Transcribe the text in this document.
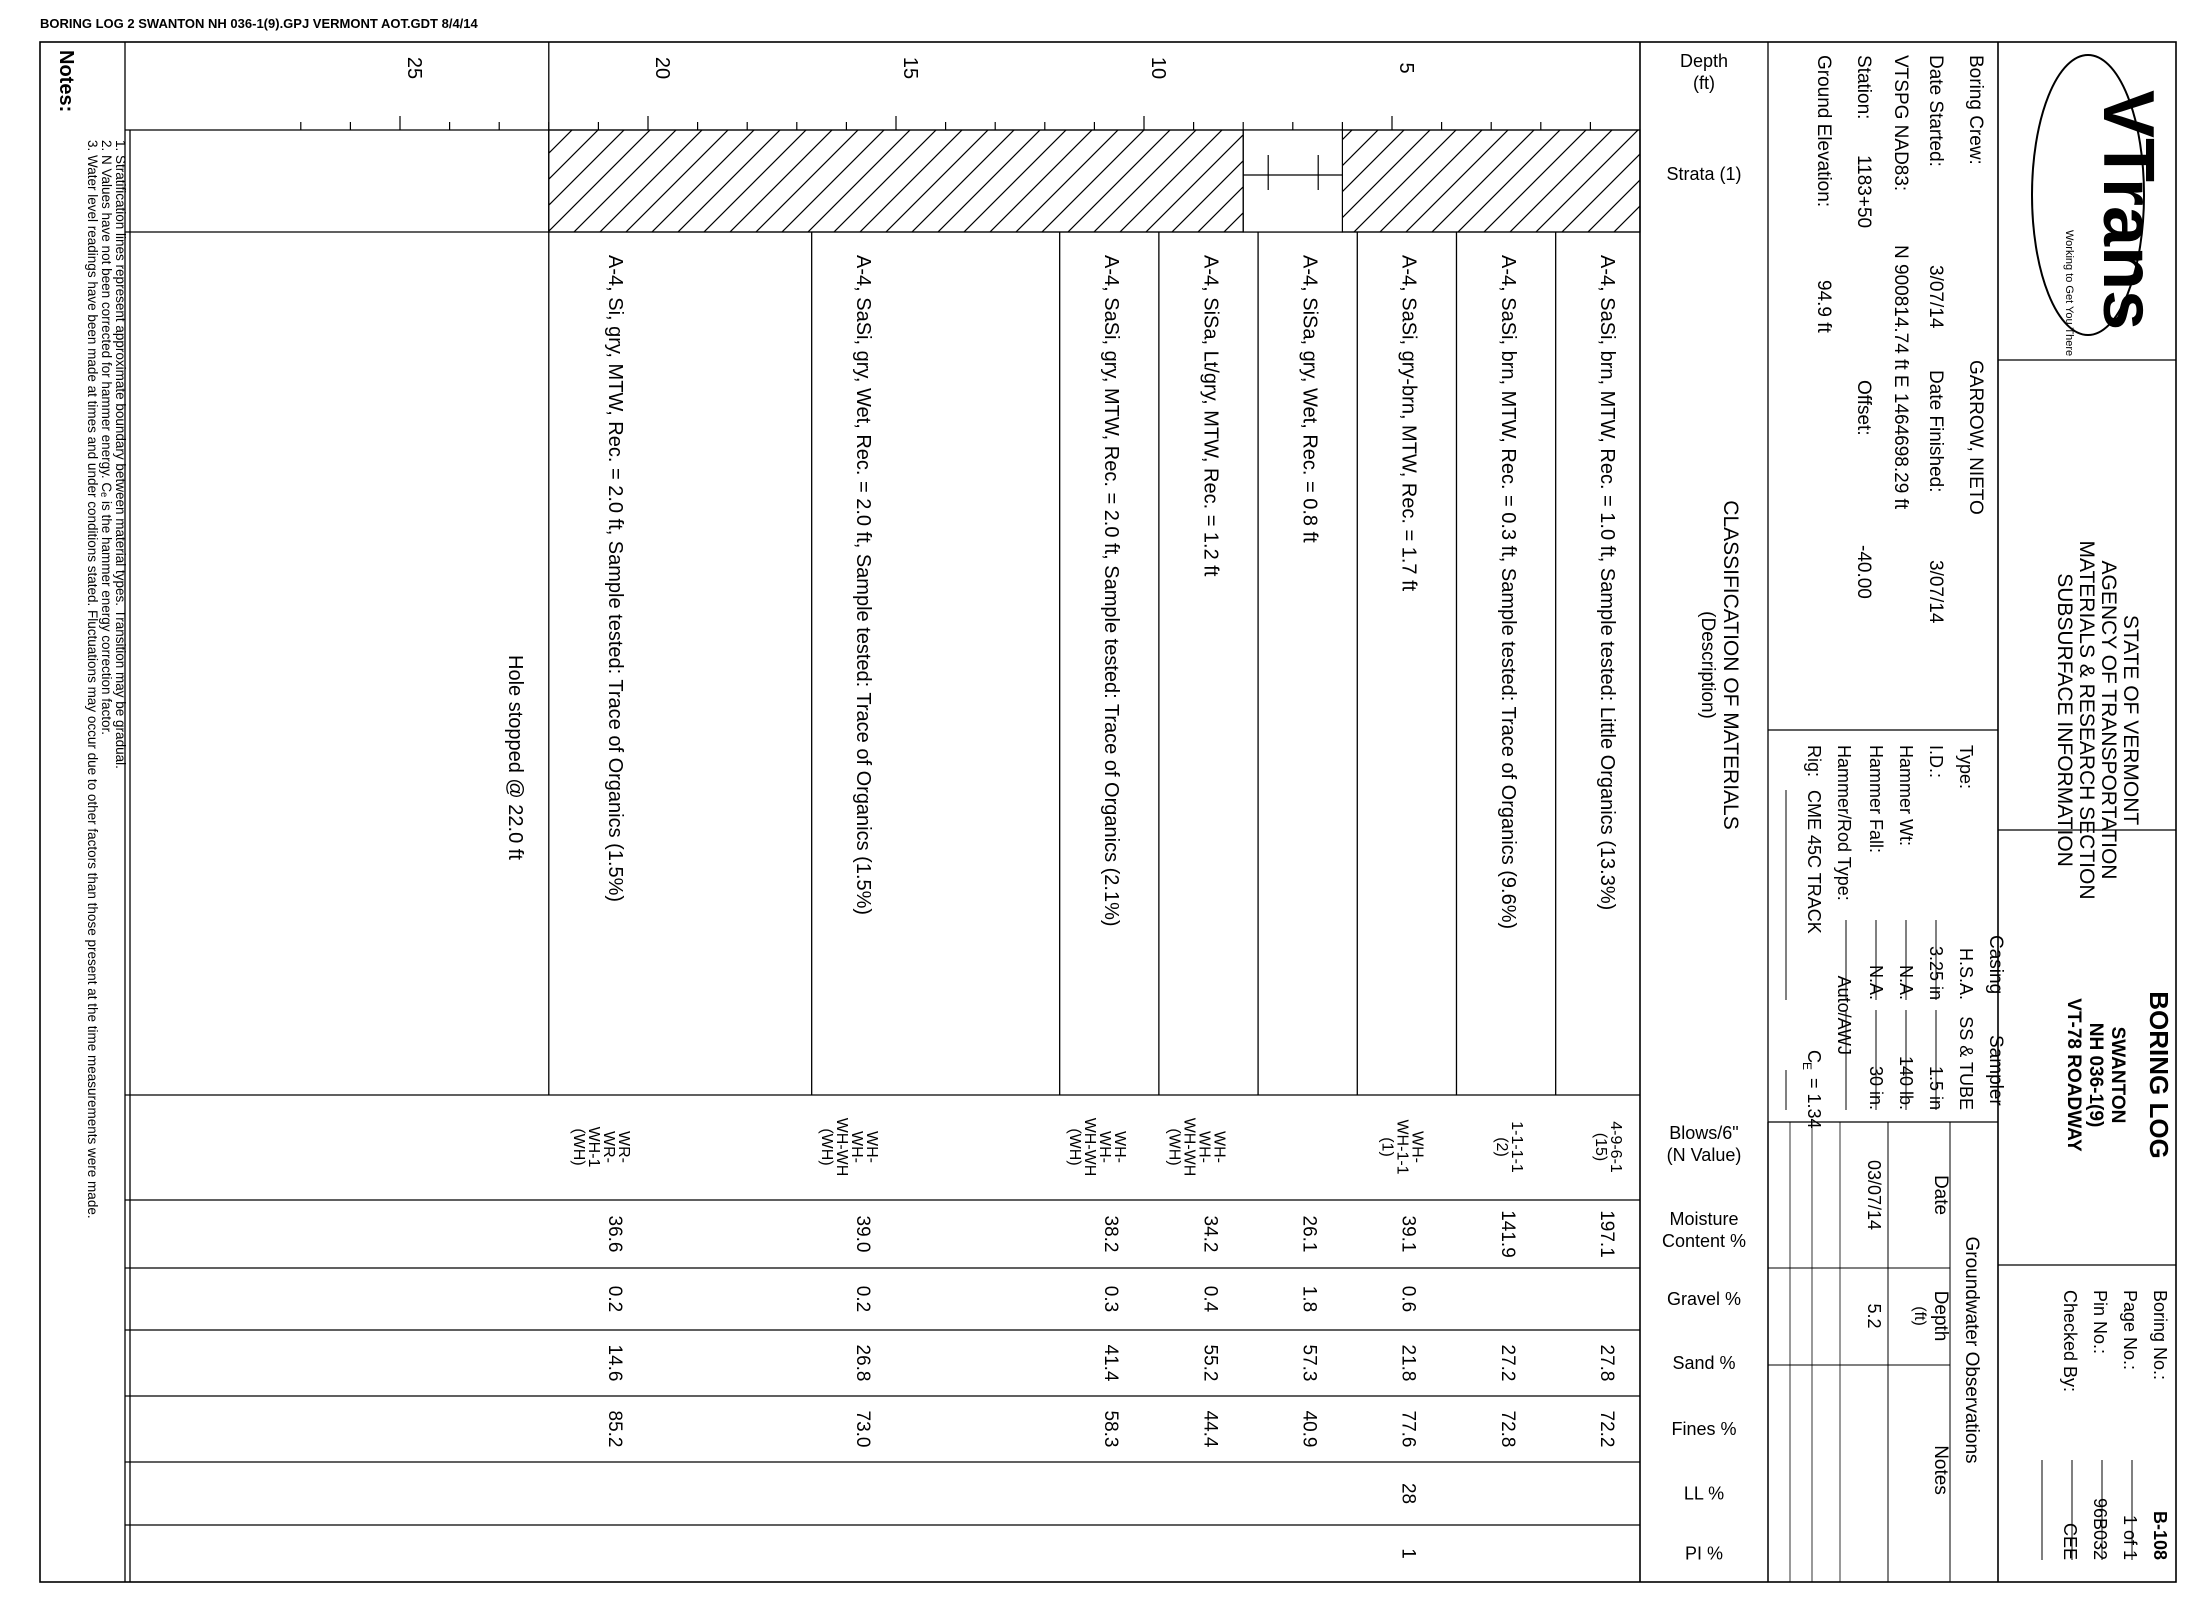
BORING LOG 2 SWANTON NH 036-1(9).GPJ VERMONT AOT.GDT 8/4/14
VTrans
Working to Get You There
STATE OF VERMONT
AGENCY OF TRANSPORTATION
MATERIALS & RESEARCH SECTION
SUBSURFACE INFORMATION
BORING LOG
SWANTON
NH 036-1(9)
VT-78 ROADWAY
Boring No.:
B-108
Page No.:
1 of 1
Pin No.:
96B032
Checked By:
CEE
Boring Crew:
GARROW, NIETO
Date Started:
3/07/14
Date Finished:
3/07/14
VTSPG NAD83:
N 900814.74 ft E 1464698.29 ft
Station:
1183+50
Offset:
-40.00
Ground Elevation:
94.9 ft
Casing
Sampler
Type:
H.S.A.
SS & TUBE
I.D.:
3.25 in
1.5 in
Hammer Wt:
N.A.
140 lb.
Hammer Fall:
N.A.
30 in.
Hammer/Rod Type:
Auto/AWJ
Rig:
CME 45C TRACK
C
E
= 1.34
Groundwater Observations
Date
Depth
(ft)
Notes
03/07/14
5.2
Depth
(ft)
Strata (1)
CLASSIFICATION OF MATERIALS
(Description)
Blows/6"
(N Value)
Moisture
Content %
Gravel %
Sand %
Fines %
LL %
PI %
5
10
15
20
25
A-4, SaSi, brn, MTW, Rec. = 1.0 ft, Sample tested: Little Organics (13.3%)
197.1
27.8
72.2
4-9-6-1
(15)
A-4, SaSi, brn, MTW, Rec. = 0.3 ft, Sample tested: Trace of Organics (9.6%)
141.9
27.2
72.8
1-1-1-1
(2)
A-4, SaSi, gry-brn, MTW, Rec. = 1.7 ft
39.1
0.6
21.8
77.6
28
1
WH-
WH-1-1
(1)
A-4, SiSa, gry, Wet, Rec. = 0.8 ft
26.1
1.8
57.3
40.9
A-4, SiSa, Lt/gry, MTW, Rec. = 1.2 ft
34.2
0.4
55.2
44.4
WH-
WH-
WH-WH
(WH)
A-4, SaSi, gry, MTW, Rec. = 2.0 ft, Sample tested: Trace of Organics (2.1%)
38.2
0.3
41.4
58.3
WH-
WH-
WH-WH
(WH)
A-4, SaSi, gry, Wet, Rec. = 2.0 ft, Sample tested: Trace of Organics (1.5%)
39.0
0.2
26.8
73.0
WH-
WH-
WH-WH
(WH)
A-4, Si, gry, MTW, Rec. = 2.0 ft, Sample tested: Trace of Organics (1.5%)
36.6
0.2
14.6
85.2
WR-
WR-
WH-1
(WH)
Hole stopped @ 22.0 ft
Notes:
1. Stratification lines represent approximate boundary between material types. Transition may be gradual.
2. N Values have not been corrected for hammer energy. Cₑ is the hammer energy correction factor.
3. Water level readings have been made at times and under conditions stated. Fluctuations may occur due to other factors than those present at the time measurements were made.
